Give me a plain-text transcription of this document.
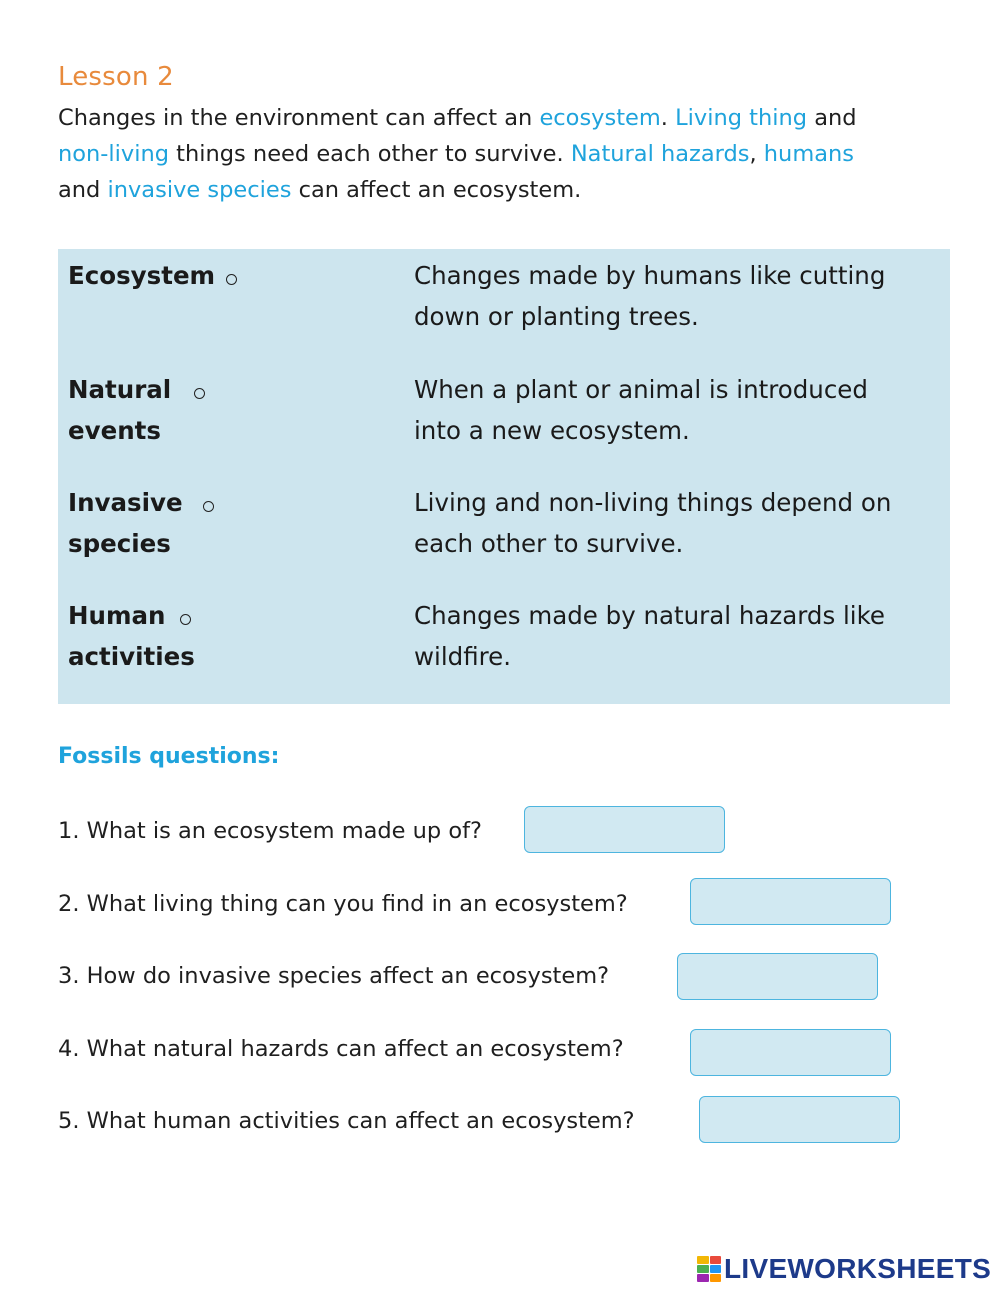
Lesson 2
Changes in the environment can affect an ecosystem. Living thing and
non-living things need each other to survive. Natural hazards, humans
and invasive species can affect an ecosystem.
Ecosystem
Natural
events
Invasive
species
Human
activities
Changes made by humans like cutting
down or planting trees.
When a plant or animal is introduced
into a new ecosystem.
Living and non-living things depend on
each other to survive.
Changes made by natural hazards like
wildfire.
Fossils questions:
1. What is an ecosystem made up of?
2. What living thing can you find in an ecosystem?
3. How do invasive species affect an ecosystem?
4. What natural hazards can affect an ecosystem?
5. What human activities can affect an ecosystem?
LIVEWORKSHEETS
